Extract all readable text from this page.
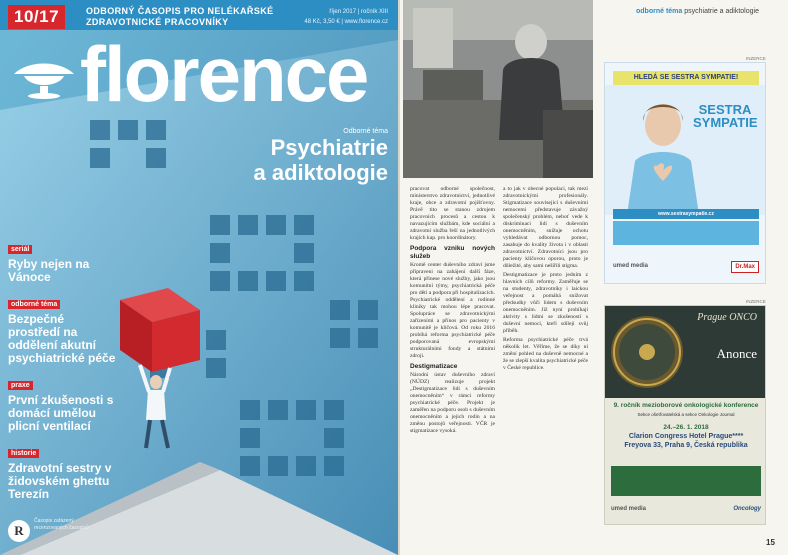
10/17	ODBORNÝ ČASOPIS PRO NELÉKAŘSKÉ ZDRAVOTNICKÉ PRACOVNÍKY
říjen 2017 | ročník XIII
48 Kč, 3,50 € | www.florence.cz
florence
Odborné téma
Psychiatrie
a adiktologie
seriál
Ryby nejen na Vánoce
odborné téma
Bezpečné prostředí na oddělení akutní psychiatrické péče
praxe
První zkušenosti s domácí umělou plicní ventilací
historie
Zdravotní sestry v židovském ghettu Terezín
R
Časopis zařazený recenzovaných časopisů
odborné téma psychiatrie a adiktologie

pracovat odborné společnost, ministerstvo zdravotnictví, jednotlivé kraje, obce a zdravotní pojišťovny. Právě tito se stanou zdrojem pracovních procesů a cestou k navazujícím službám, kde sociální a zdravotní služba řeší na jednotlivých krajích kap. pro koordinátory.

Podpora vzniku nových služeb

Kromě center duševního zdraví jsme připraveni na zahájení další fáze, která přinese nové služby, jako jsou komunitní týmy, psychiatrická péče pro děti a podpora při hospitalizacích. Psychiatrické oddělení a rodinné kliniky tak mohou lépe pracovat. Spolupráce se zdravotnickými zařízeními a přínos pro pacienty v komunitě je klíčová. Od roku 2016 probíhá reforma psychiatrické péče podporovaná evropskými strukturálními fondy a státními zdroji.

Destigmatizace

Národní ústav duševního zdraví (NÚDZ) realizuje projekt „Destigmatizace lidí s duševním onemocněním“ v rámci reformy psychiatrické péče. Projekt je zaměřen na podporu osob s duševním onemocněním a jejich rodin a na změnu postojů veřejnosti. VČR je stigmatizace vysoká.

a to jak v obecné populaci, tak mezi zdravotnickými profesionály. Stigmatizace související s duševními nemocemi představuje závažný společenský problém, neboť vede k diskriminaci lidí s duševním onemocněním, snižuje ochotu vyhledávat odbornou pomoc, zasahuje do kvality života i v oblasti zdravotnictví. Zdravotníci jsou pro pacienty klíčovou oporou, proto je důležité, aby sami nešířili stigma.

Destigmatizace je proto jedním z hlavních cílů reformy. Zaměřuje se na studenty, zdravotníky i laickou veřejnost a pomáhá snižovat předsudky vůči lidem s duševním onemocněním. Již nyní probíhají aktivity s lidmi se zkušeností s duševní nemocí, kteří sdílejí svůj příběh.

Reforma psychiatrické péče trvá několik let. Věříme, že se díky ní změní pohled na duševně nemocné a že se zlepší kvalita psychiatrické péče v České republice.

INZERCE
HLEDÁ SE SESTRA SYMPATIE!
SESTRA
SYMPATIE
www.sestrasympatie.cz
umed media	Dr.Max
INZERCE
Prague ONCO
Anonce
9. ročník mezioborové onkologické konference
Sekce ošetřovatelská a sekce Onkologie Journal
24.–26. 1. 2018
Clarion Congress Hotel Prague****
Freyova 33, Praha 9, Česká republika
umed media	Oncology
15
